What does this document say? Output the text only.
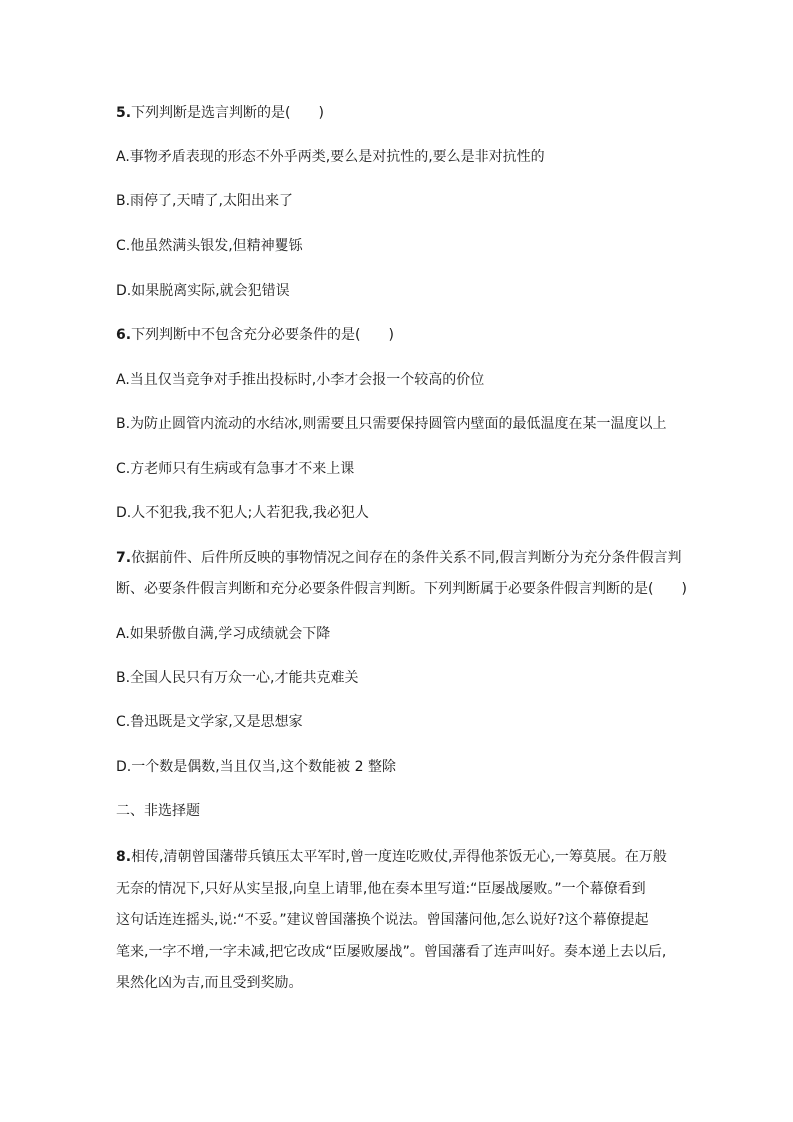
5.下列判断是选言判断的是(　　)
A.事物矛盾表现的形态不外乎两类,要么是对抗性的,要么是非对抗性的
B.雨停了,天晴了,太阳出来了
C.他虽然满头银发,但精神矍铄
D.如果脱离实际,就会犯错误
6.下列判断中不包含充分必要条件的是(　　)
A.当且仅当竞争对手推出投标时,小李才会报一个较高的价位
B.为防止圆管内流动的水结冰,则需要且只需要保持圆管内壁面的最低温度在某一温度以上
C.方老师只有生病或有急事才不来上课
D.人不犯我,我不犯人;人若犯我,我必犯人
7.依据前件、后件所反映的事物情况之间存在的条件关系不同,假言判断分为充分条件假言判
断、必要条件假言判断和充分必要条件假言判断。下列判断属于必要条件假言判断的是(　　)
A.如果骄傲自满,学习成绩就会下降
B.全国人民只有万众一心,才能共克难关
C.鲁迅既是文学家,又是思想家
D.一个数是偶数,当且仅当,这个数能被 2 整除
二、非选择题
8.相传,清朝曾国藩带兵镇压太平军时,曾一度连吃败仗,弄得他茶饭无心,一筹莫展。在万般
无奈的情况下,只好从实呈报,向皇上请罪,他在奏本里写道:“臣屡战屡败。”一个幕僚看到
这句话连连摇头,说:“不妥。”建议曾国藩换个说法。曾国藩问他,怎么说好?这个幕僚提起
笔来,一字不增,一字未减,把它改成“臣屡败屡战”。曾国藩看了连声叫好。奏本递上去以后,
果然化凶为吉,而且受到奖励。
